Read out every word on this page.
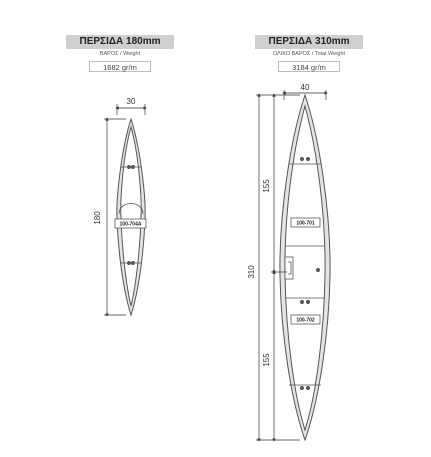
ΠΕΡΣΙΔΑ 180mm
ΒΑΡΟΣ / Weight
1682 gr/m
ΠΕΡΣΙΔΑ 310mm
ΟΛΙΚΟ ΒΑΡΟΣ / Total Weight
3184 gr/m
100-704A
30
180	100-701
100-702
40
310
155
155
